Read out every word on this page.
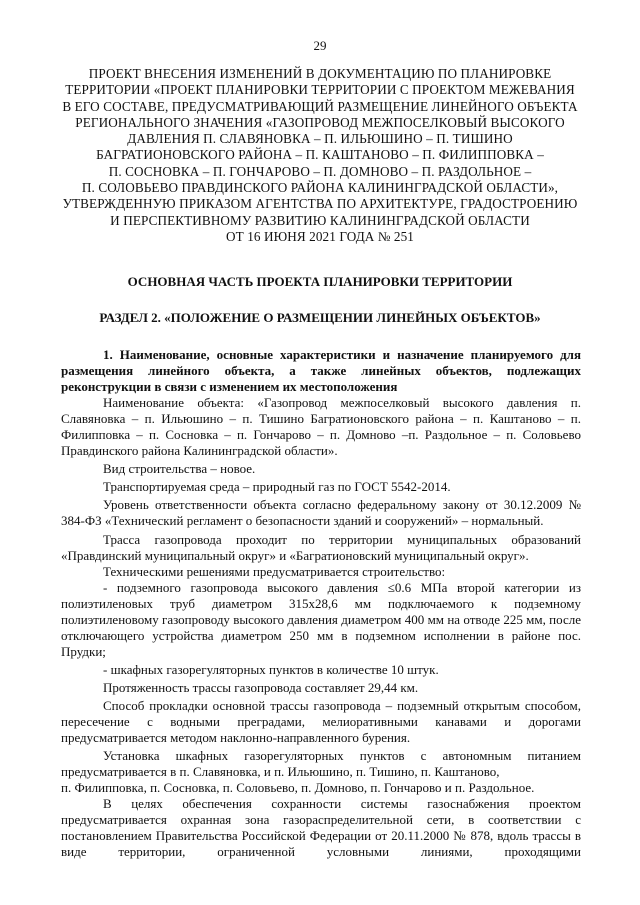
29
ПРОЕКТ ВНЕСЕНИЯ ИЗМЕНЕНИЙ В ДОКУМЕНТАЦИЮ ПО ПЛАНИРОВКЕ
ТЕРРИТОРИИ «ПРОЕКТ ПЛАНИРОВКИ ТЕРРИТОРИИ С ПРОЕКТОМ МЕЖЕВАНИЯ
В ЕГО СОСТАВЕ, ПРЕДУСМАТРИВАЮЩИЙ РАЗМЕЩЕНИЕ ЛИНЕЙНОГО ОБЪЕКТА
РЕГИОНАЛЬНОГО ЗНАЧЕНИЯ «ГАЗОПРОВОД МЕЖПОСЕЛКОВЫЙ ВЫСОКОГО
ДАВЛЕНИЯ П. СЛАВЯНОВКА – П. ИЛЬЮШИНО – П. ТИШИНО
БАГРАТИОНОВСКОГО РАЙОНА – П. КАШТАНОВО – П. ФИЛИППОВКА –
П. СОСНОВКА – П. ГОНЧАРОВО – П. ДОМНОВО – П. РАЗДОЛЬНОЕ –
П. СОЛОВЬЕВО ПРАВДИНСКОГО РАЙОНА КАЛИНИНГРАДСКОЙ ОБЛАСТИ»,
УТВЕРЖДЕННУЮ ПРИКАЗОМ АГЕНТСТВА ПО АРХИТЕКТУРЕ, ГРАДОСТРОЕНИЮ
И ПЕРСПЕКТИВНОМУ РАЗВИТИЮ КАЛИНИНГРАДСКОЙ ОБЛАСТИ
ОТ 16 ИЮНЯ 2021 ГОДА № 251
ОСНОВНАЯ ЧАСТЬ ПРОЕКТА ПЛАНИРОВКИ ТЕРРИТОРИИ
РАЗДЕЛ 2. «ПОЛОЖЕНИЕ О РАЗМЕЩЕНИИ ЛИНЕЙНЫХ ОБЪЕКТОВ»

1. Наименование, основные характеристики и назначение планируемого для размещения линейного объекта, а также линейных объектов, подлежащих реконструкции в связи с изменением их местоположения

Наименование объекта: «Газопровод межпоселковый высокого давления п. Славяновка – п. Ильюшино – п. Тишино Багратионовского района – п. Каштаново – п. Филипповка – п. Сосновка – п. Гончарово – п. Домново –п. Раздольное – п. Соловьево Правдинского района Калининградской области».

Вид строительства – новое.

Транспортируемая среда – природный газ по ГОСТ 5542-2014.

Уровень ответственности объекта согласно федеральному закону от 30.12.2009 № 384-ФЗ «Технический регламент о безопасности зданий и сооружений» – нормальный.

Трасса газопровода проходит по территории муниципальных образований «Правдинский муниципальный округ» и «Багратионовский муниципальный округ».

Техническими решениями предусматривается строительство:

- подземного газопровода высокого давления ≤0.6 МПа второй категории из полиэтиленовых труб диаметром 315х28,6 мм подключаемого к подземному полиэтиленовому газопроводу высокого давления диаметром 400 мм на отводе 225 мм, после отключающего устройства диаметром 250 мм в подземном исполнении в районе пос. Прудки;

- шкафных газорегуляторных пунктов в количестве 10 штук.

Протяженность трассы газопровода составляет 29,44 км.

Способ прокладки основной трассы газопровода – подземный открытым способом, пересечение с водными преградами, мелиоративными канавами и дорогами предусматривается методом наклонно-направленного бурения.

Установка шкафных газорегуляторных пунктов с автономным питанием предусматривается в п. Славяновка, и п. Ильюшино, п. Тишино, п. Каштаново,

п. Филипповка, п. Сосновка, п. Соловьево, п. Домново, п. Гончарово и п. Раздольное.

В целях обеспечения сохранности системы газоснабжения проектом предусматривается охранная зона газораспределительной сети, в соответствии с постановлением Правительства Российской Федерации от 20.11.2000 № 878, вдоль трассы в виде территории, ограниченной условными линиями, проходящими
